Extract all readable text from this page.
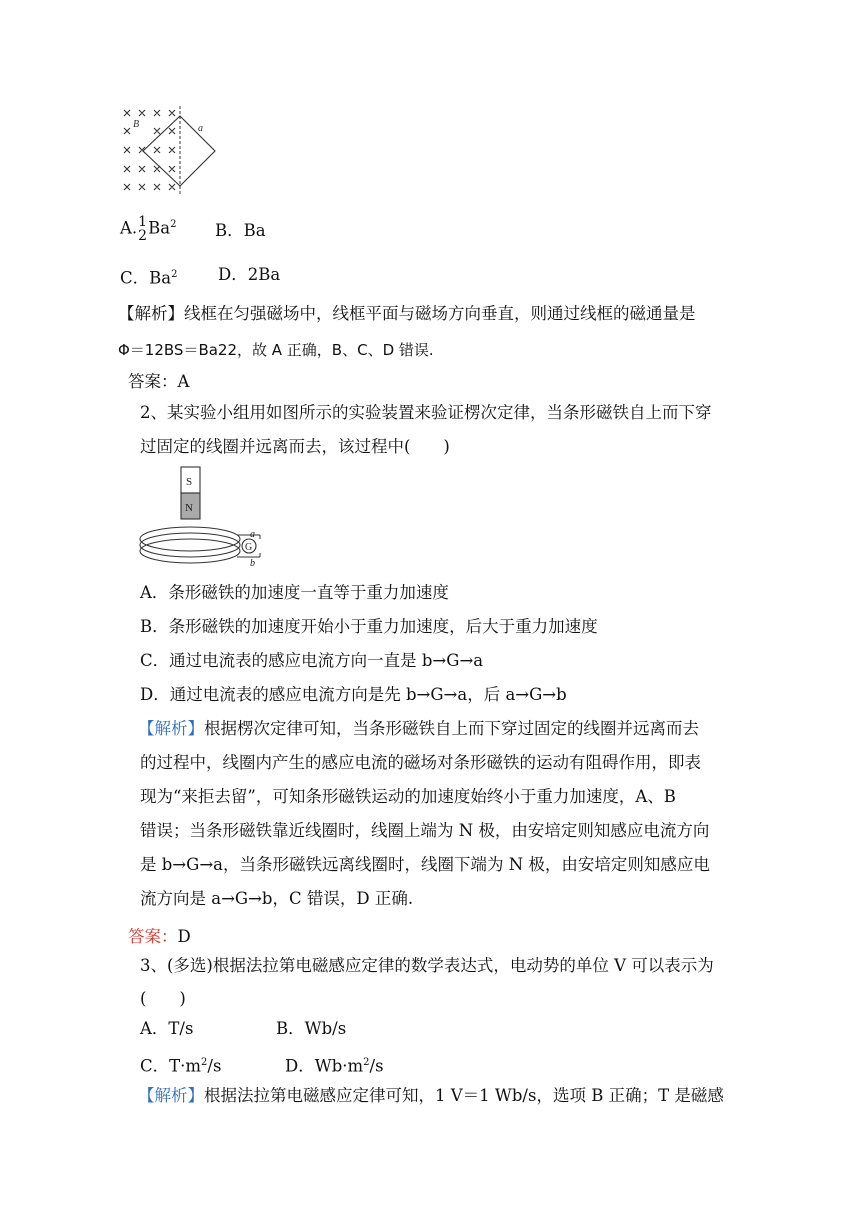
B	a
A. 1
2 Ba$^2$ B．Ba
C．Ba$^2$ D．2Ba
【解析】线框在匀强磁场中，线框平面与磁场方向垂直，则通过线框的磁通量是
Φ＝12BS＝Ba22，故 A 正确，B、C、D 错误.
答案：A
2、某实验小组用如图所示的实验装置来验证楞次定律，当条形磁铁自上而下穿
过固定的线圈并远离而去，该过程中(　　)
S
N
G
a
b
A．条形磁铁的加速度一直等于重力加速度
B．条形磁铁的加速度开始小于重力加速度，后大于重力加速度
C．通过电流表的感应电流方向一直是 b→G→a
D．通过电流表的感应电流方向是先 b→G→a，后 a→G→b
【解析】根据楞次定律可知，当条形磁铁自上而下穿过固定的线圈并远离而去
的过程中，线圈内产生的感应电流的磁场对条形磁铁的运动有阻碍作用，即表
现为“来拒去留”，可知条形磁铁运动的加速度始终小于重力加速度，A、B
错误；当条形磁铁靠近线圈时，线圈上端为 N 极，由安培定则知感应电流方向
是 b→G→a，当条形磁铁远离线圈时，线圈下端为 N 极，由安培定则知感应电
流方向是 a→G→b，C 错误，D 正确.
答案：D
3、(多选)根据法拉第电磁感应定律的数学表达式，电动势的单位 V 可以表示为
(　　)
A．T/s	B．Wb/s
C．$T\cdot m^2/s$	D．$Wb\cdot m^2/s$
【解析】根据法拉第电磁感应定律可知，1 V＝1 Wb/s，选项 B 正确；T 是磁感
